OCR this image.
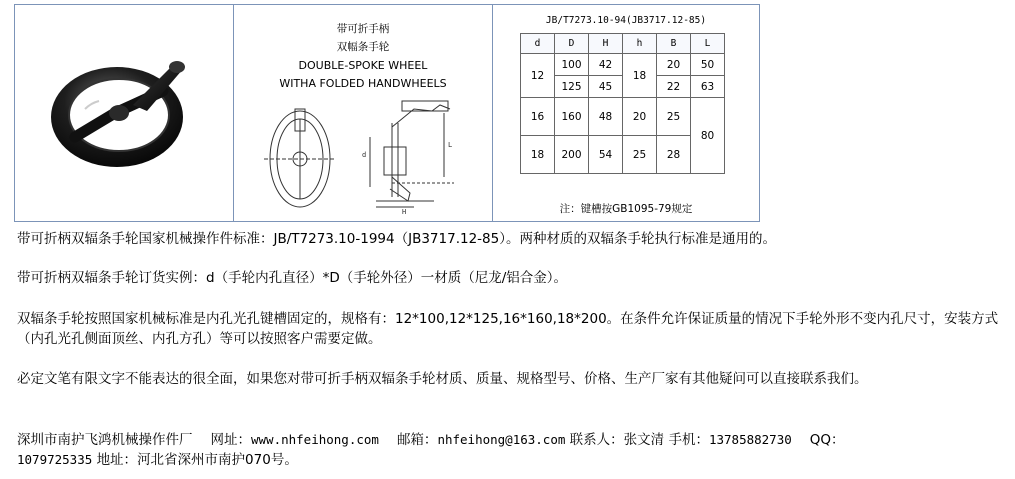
带可折手柄
双幅条手轮
DOUBLE-SPOKE WHEEL
WITHA FOLDED HANDWHEELS
d
H
L
JB/T7273.10-94(JB3717.12-85)
d	D	H	h	B	L
12	100	42	18	20	50
	125	45		22	63
16	160	48	20	25	80
18	200	54	25	28	
注：键槽按GB1095-79规定
带可折柄双辐条手轮国家机械操作件标准：JB/T7273.10-1994（JB3717.12-85）。两种材质的双辐条手轮执行标准是通用的。
带可折柄双辐条手轮订货实例：d（手轮内孔直径）*D（手轮外径）一材质（尼龙/铝合金）。
双辐条手轮按照国家机械标准是内孔光孔键槽固定的，规格有：12*100,12*125,16*160,18*200。在条件允许保证质量的情况下手轮外形不变内孔尺寸，安装方式（内孔光孔侧面顶丝、内孔方孔）等可以按照客户需要定做。
必定文笔有限文字不能表达的很全面，如果您对带可折手柄双辐条手轮材质、质量、规格型号、价格、生产厂家有其他疑问可以直接联系我们。
深圳市南护飞鸿机械操作件厂 网址：www.nhfeihong.com 邮箱：nhfeihong@163.com 联系人：张文清 手机：13785882730 QQ：
1079725335 地址：河北省深州市南护070号。
